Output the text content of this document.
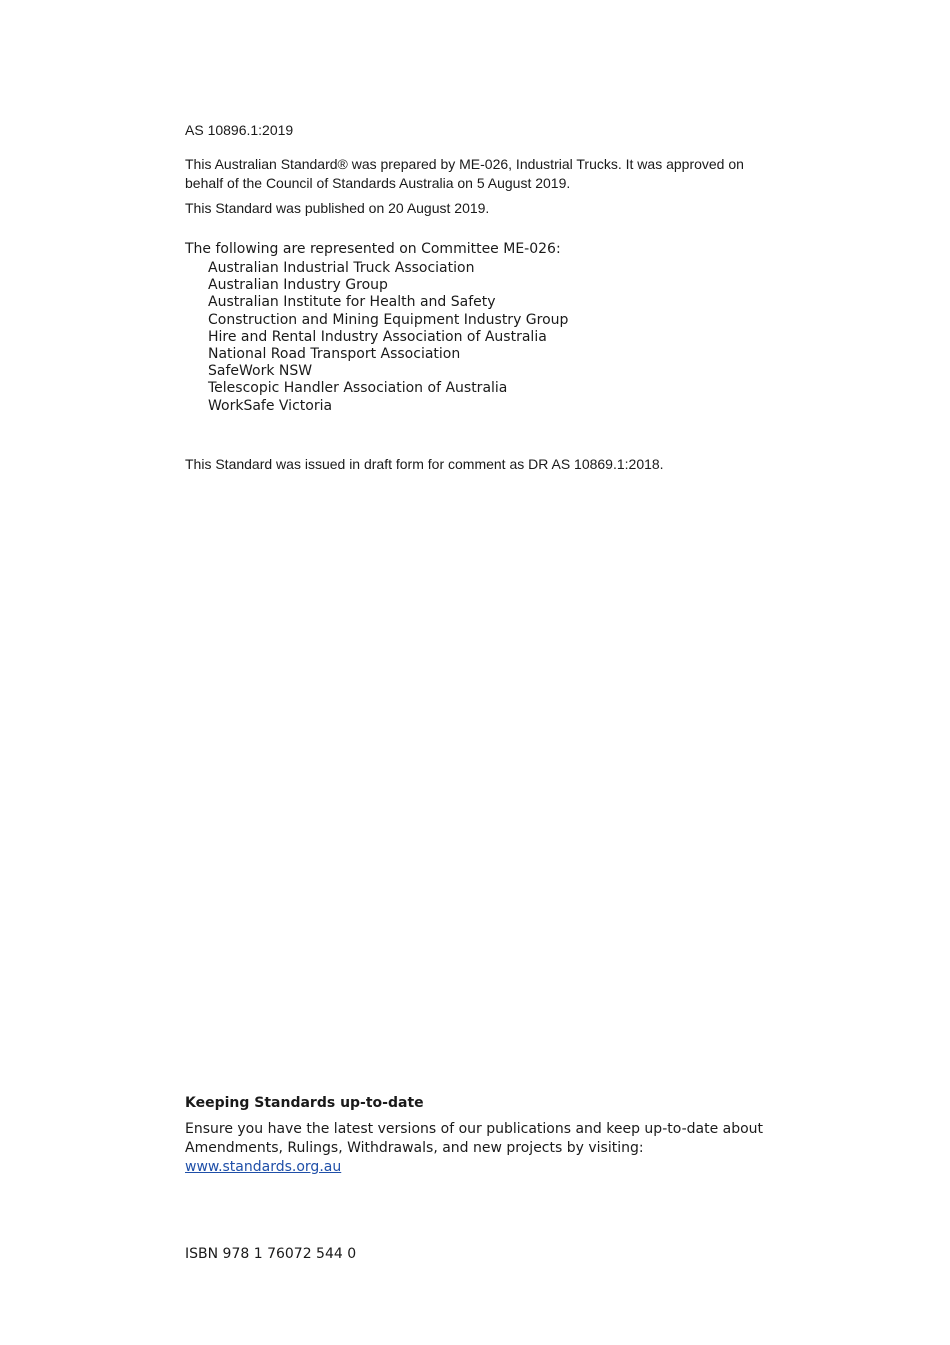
AS 10896.1:2019
This Australian Standard® was prepared by ME-026, Industrial Trucks. It was approved on behalf of the Council of Standards Australia on 5 August 2019.
This Standard was published on 20 August 2019.
The following are represented on Committee ME-026:
Australian Industrial Truck Association
Australian Industry Group
Australian Institute for Health and Safety
Construction and Mining Equipment Industry Group
Hire and Rental Industry Association of Australia
National Road Transport Association
SafeWork NSW
Telescopic Handler Association of Australia
WorkSafe Victoria
This Standard was issued in draft form for comment as DR AS 10869.1:2018.
Keeping Standards up-to-date
Ensure you have the latest versions of our publications and keep up-to-date about Amendments, Rulings, Withdrawals, and new projects by visiting:
www.standards.org.au
ISBN 978 1 76072 544 0
